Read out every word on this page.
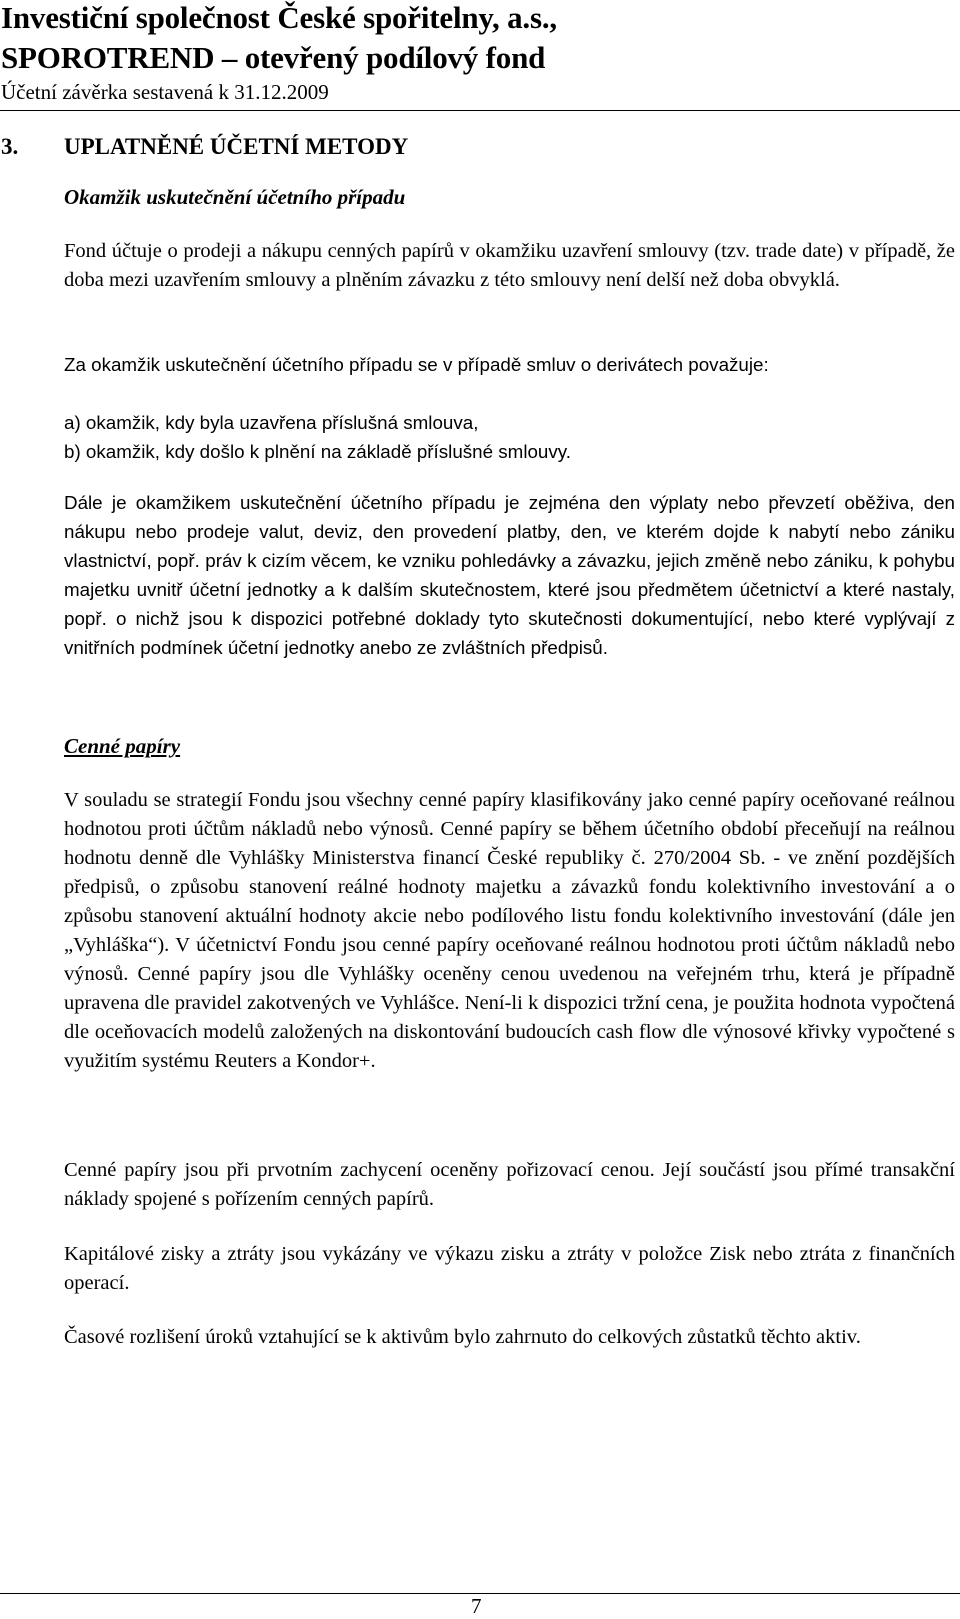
Investiční společnost České spořitelny, a.s.,
SPOROTREND – otevřený podílový fond
Účetní závěrka sestavená k 31.12.2009
3. UPLATNĚNÉ ÚČETNÍ METODY
Okamžik uskutečnění účetního případu
Fond účtuje o prodeji a nákupu cenných papírů v okamžiku uzavření smlouvy (tzv. trade date) v případě, že doba mezi uzavřením smlouvy a plněním závazku z této smlouvy není delší než doba obvyklá.
Za okamžik uskutečnění účetního případu se v případě smluv o derivátech považuje:
a) okamžik, kdy byla uzavřena příslušná smlouva,
b) okamžik, kdy došlo k plnění na základě příslušné smlouvy.
Dále je okamžikem uskutečnění účetního případu je zejména den výplaty nebo převzetí oběživa, den nákupu nebo prodeje valut, deviz, den provedení platby, den, ve kterém dojde k nabytí nebo zániku vlastnictví, popř. práv k cizím věcem, ke vzniku pohledávky a závazku, jejich změně nebo zániku, k pohybu majetku uvnitř účetní jednotky a k dalším skutečnostem, které jsou předmětem účetnictví a které nastaly, popř. o nichž jsou k dispozici potřebné doklady tyto skutečnosti dokumentující, nebo které vyplývají z vnitřních podmínek účetní jednotky anebo ze zvláštních předpisů.
Cenné papíry
V souladu se strategií Fondu jsou všechny cenné papíry klasifikovány jako cenné papíry oceňované reálnou hodnotou proti účtům nákladů nebo výnosů. Cenné papíry se během účetního období přeceňují na reálnou hodnotu denně dle Vyhlášky Ministerstva financí České republiky č. 270/2004 Sb. - ve znění pozdějších předpisů, o způsobu stanovení reálné hodnoty majetku a závazků fondu kolektivního investování a o způsobu stanovení aktuální hodnoty akcie nebo podílového listu fondu kolektivního investování (dále jen „Vyhláška“). V účetnictví Fondu jsou cenné papíry oceňované reálnou hodnotou proti účtům nákladů nebo výnosů. Cenné papíry jsou dle Vyhlášky oceněny cenou uvedenou na veřejném trhu, která je případně upravena dle pravidel zakotvených ve Vyhlášce. Není-li k dispozici tržní cena, je použita hodnota vypočtená dle oceňovacích modelů založených na diskontování budoucích cash flow dle výnosové křivky vypočtené s využitím systému Reuters a Kondor+.
Cenné papíry jsou při prvotním zachycení oceněny pořizovací cenou. Její součástí jsou přímé transakční náklady spojené s pořízením cenných papírů.
Kapitálové zisky a ztráty jsou vykázány ve výkazu zisku a ztráty v položce Zisk nebo ztráta z finančních operací.
Časové rozlišení úroků vztahující se k aktivům bylo zahrnuto do celkových zůstatků těchto aktiv.
7
